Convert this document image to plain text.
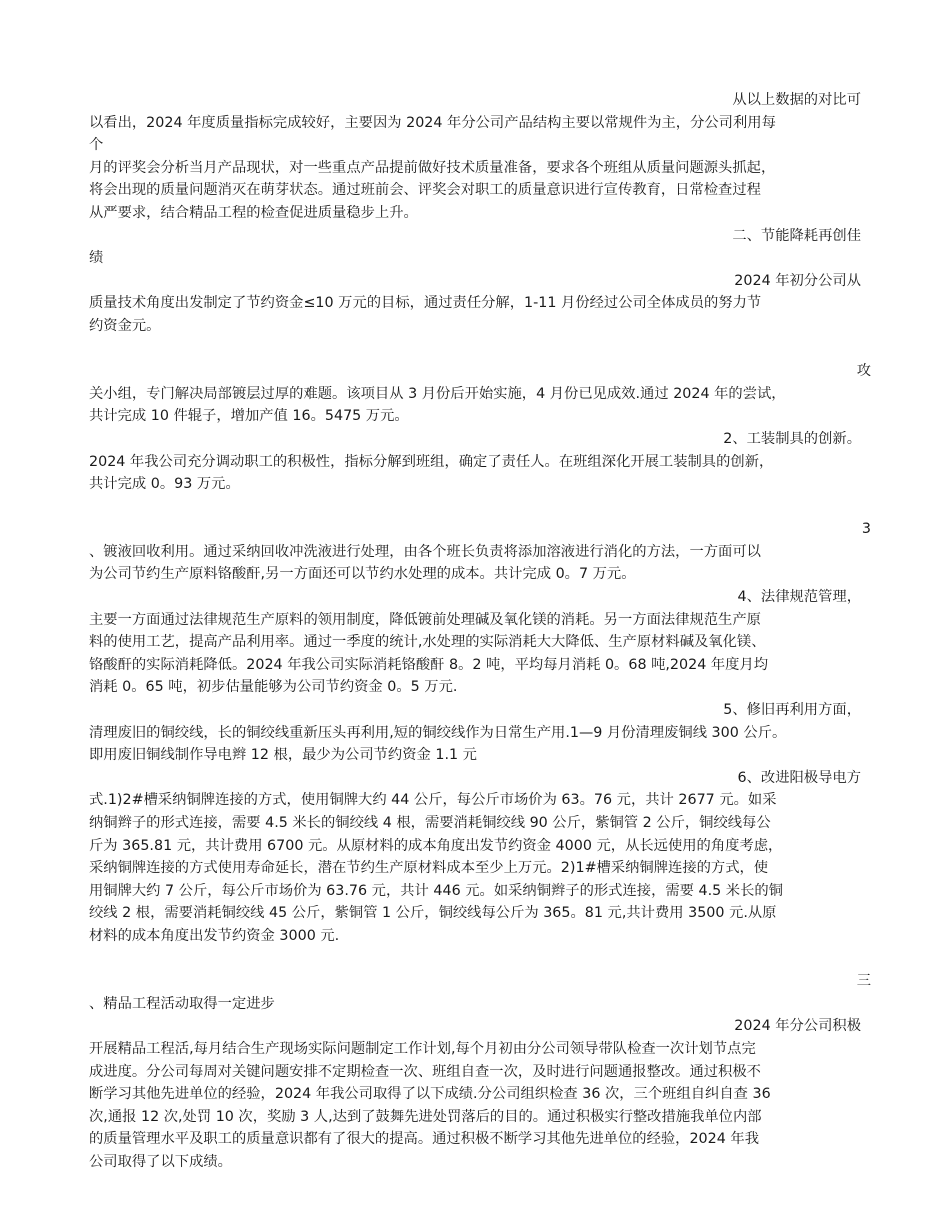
从以上数据的对比可
以看出，2024 年度质量指标完成较好，主要因为 2024 年分公司产品结构主要以常规件为主，分公司利用每
个
月的评奖会分析当月产品现状，对一些重点产品提前做好技术质量准备，要求各个班组从质量问题源头抓起，
将会出现的质量问题消灭在萌芽状态。通过班前会、评奖会对职工的质量意识进行宣传教育，日常检查过程
从严要求，结合精品工程的检查促进质量稳步上升。
二、节能降耗再创佳
绩
2024 年初分公司从
质量技术角度出发制定了节约资金≤10 万元的目标，通过责任分解，1-11 月份经过公司全体成员的努力节
约资金元。
攻
关小组，专门解决局部镀层过厚的难题。该项目从 3 月份后开始实施，4 月份已见成效.通过 2024 年的尝试，
共计完成 10 件辊子，增加产值 16。5475 万元。
2、工装制具的创新。
2024 年我公司充分调动职工的积极性，指标分解到班组，确定了责任人。在班组深化开展工装制具的创新，
共计完成 0。93 万元。
3
、镀液回收利用。通过采纳回收冲洗液进行处理，由各个班长负责将添加溶液进行消化的方法，一方面可以
为公司节约生产原料铬酸酐,另一方面还可以节约水处理的成本。共计完成 0。7 万元。
4、法律规范管理，
主要一方面通过法律规范生产原料的领用制度，降低镀前处理碱及氧化镁的消耗。另一方面法律规范生产原
料的使用工艺，提高产品利用率。通过一季度的统计,水处理的实际消耗大大降低、生产原材料碱及氧化镁、
铬酸酐的实际消耗降低。2024 年我公司实际消耗铬酸酐 8。2 吨，平均每月消耗 0。68 吨,2024 年度月均
消耗 0。65 吨，初步估量能够为公司节约资金 0。5 万元.
5、修旧再利用方面，
清理废旧的铜绞线，长的铜绞线重新压头再利用,短的铜绞线作为日常生产用.1—9 月份清理废铜线 300 公斤。
即用废旧铜线制作导电辫 12 根，最少为公司节约资金 1.1 元
6、改进阳极导电方
式.1)2#槽采纳铜牌连接的方式，使用铜牌大约 44 公斤，每公斤市场价为 63。76 元，共计 2677 元。如采
纳铜辫子的形式连接，需要 4.5 米长的铜绞线 4 根，需要消耗铜绞线 90 公斤，紫铜管 2 公斤，铜绞线每公
斤为 365.81 元，共计费用 6700 元。从原材料的成本角度出发节约资金 4000 元，从长远使用的角度考虑，
采纳铜牌连接的方式使用寿命延长，潜在节约生产原材料成本至少上万元。2)1#槽采纳铜牌连接的方式，使
用铜牌大约 7 公斤，每公斤市场价为 63.76 元，共计 446 元。如采纳铜辫子的形式连接，需要 4.5 米长的铜
绞线 2 根，需要消耗铜绞线 45 公斤，紫铜管 1 公斤，铜绞线每公斤为 365。81 元,共计费用 3500 元.从原
材料的成本角度出发节约资金 3000 元.
三
、精品工程活动取得一定进步
2024 年分公司积极
开展精品工程活,每月结合生产现场实际问题制定工作计划,每个月初由分公司领导带队检查一次计划节点完
成进度。分公司每周对关键问题安排不定期检查一次、班组自查一次，及时进行问题通报整改。通过积极不
断学习其他先进单位的经验，2024 年我公司取得了以下成绩.分公司组织检查 36 次，三个班组自纠自查 36
次,通报 12 次,处罚 10 次，奖励 3 人,达到了鼓舞先进处罚落后的目的。通过积极实行整改措施我单位内部
的质量管理水平及职工的质量意识都有了很大的提高。通过积极不断学习其他先进单位的经验，2024 年我
公司取得了以下成绩。
